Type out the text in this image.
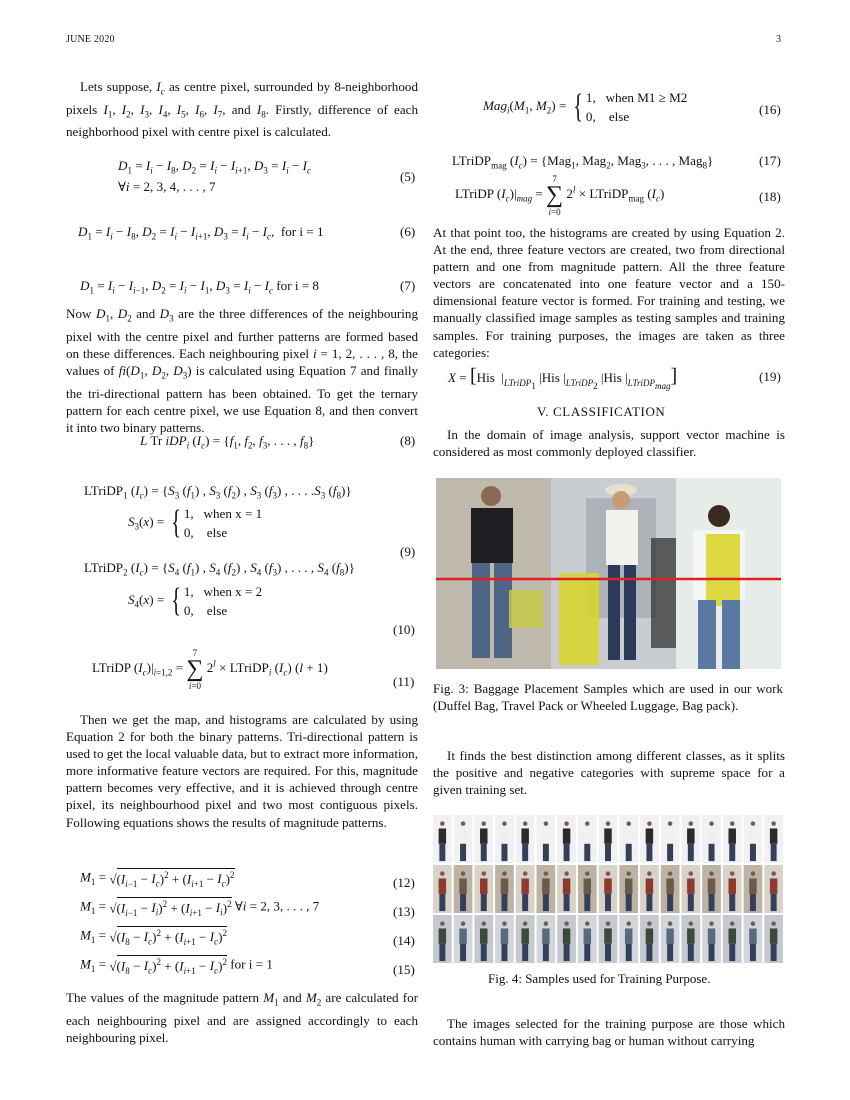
JUNE 2020	3

Lets suppose, $I_c$ as centre pixel, surrounded by 8-neighborhood pixels $I_1$, $I_2$, $I_3$, $I_4$, $I_5$, $I_6$, $I_7$, and $I_8$. Firstly, difference of each neighborhood pixel with centre pixel is calculated.

$D_1 = I_i - I_8$, $D_2 = I_i - I_{i+1}$, $D_3 = I_i - I_c$
∀i = 2, 3, 4, . . . , 7
(5)
$D_1 = I_i - I_8$, $D_2 = I_i - I_{i+1}$, $D_3 = I_i - I_c$,  for i = 1	(6)
$D_1 = I_i - I_{i-1}$, $D_2 = I_i - I_1$, $D_3 = I_i - I_c$ for i = 8	(7)

Now $D_1$, $D_2$ and $D_3$ are the three differences of the neighbouring pixel with the centre pixel and further patterns are formed based on these differences. Each neighbouring pixel i = 1, 2, . . . , 8, the values of $fi(D_1$, $D_2$, $D_3$) is calculated using Equation 7 and finally the tri-directional pattern has been obtained. To get the ternary pattern for each centre pixel, we use Equation 8, and then convert it into two binary patterns.

L Tr iDP$_i$ $(I_c) = \{f_1$, $f_2$, $f_3$, . . . , $f_8$}	(8)
LTriDP$_1$ $(I_c) = \{S_3$ $(f_1)$ , $S_3$ $(f_2)$ , $S_3$ $(f_3)$ , . . . $.S_3$ $(f_8)$}
$S_3(x)$ = { 1,   when x = 1
0,    else
(9)
LTriDP$_2$ $(I_c) = \{S_4$ $(f_1)$ , $S_4$ $(f_2)$ , $S_4$ $(f_3)$ , . . . , $S_4$ $(f_8)$}
$S_4(x)$ = { 1,   when x = 2
0,    else
(10)
LTriDP $(I_c)|_{i=1,2} = 7$
∑
i=0 $2^l$ × LTriDP$_i$ $(I_c) (l + 1)$
(11)

Then we get the map, and histograms are calculated by using Equation 2 for both the binary patterns. Tri-directional pattern is used to get the local valuable data, but to extract more information, more informative feature vectors are required. For this, magnitude pattern becomes very effective, and it is achieved through centre pixel, its neighbourhood pixel and two most contiguous pixels. Following equations shows the results of magnitude patterns.

$M_1 = √(I_{i-1} - I_c)^2 + (I_{i+1} - I_c)^2$	(12)
$M_1 = √(I_{i-1} - I_i)^2 + (I_{i+1} - I_i)^2$ ∀i = 2, 3, . . . , 7	(13)
$M_1 = √(I_8 - I_c)^2 + (I_{i+1} - I_c)^2$	(14)
$M_1 = √(I_8 - I_c)^2 + (I_{i+1} - I_c)^2$ for i = 1	(15)

The values of the magnitude pattern $M_1$ and $M_2$ are calculated for each neighbouring pixel and are assigned accordingly to each neighbouring pixel.

$Mag_i(M_1$, $M_2$) = { 1,   when M1 ≥ M2
0,    else	(16)
LTriDP$_{mag}$ $(I_c) = \{Mag_1$, Mag$_2$, Mag$_3$, . . . , Mag$_8$}	(17)
LTriDP $(I_c)|_{mag} = 7$
∑
i=0 $2^l$ × LTriDP$_{mag}$ $(I_c)$	(18)

At that point too, the histograms are created by using Equation 2. At the end, three feature vectors are created, two from directional pattern and one from magnitude pattern. All the three feature vectors are concatenated into one feature vector and a 150-dimensional feature vector is formed. For training and testing, we manually classified image samples as testing samples and training samples. For training purposes, the images are taken as three categories:

X = [His  $|_{LTriDP_1}$ |His $|_{LTriDP_2}$ |His $|_{LTriDP_{mag}}$]	(19)
V. CLASSIFICATION

In the domain of image analysis, support vector machine is considered as most commonly deployed classifier.

Fig. 3: Baggage Placement Samples which are used in our work (Duffel Bag, Travel Pack or Wheeled Luggage, Bag pack).

It finds the best distinction among different classes, as it splits the positive and negative categories with supreme space for a given training set.

Fig. 4: Samples used for Training Purpose.

The images selected for the training purpose are those which contains human with carrying bag or human without carrying
